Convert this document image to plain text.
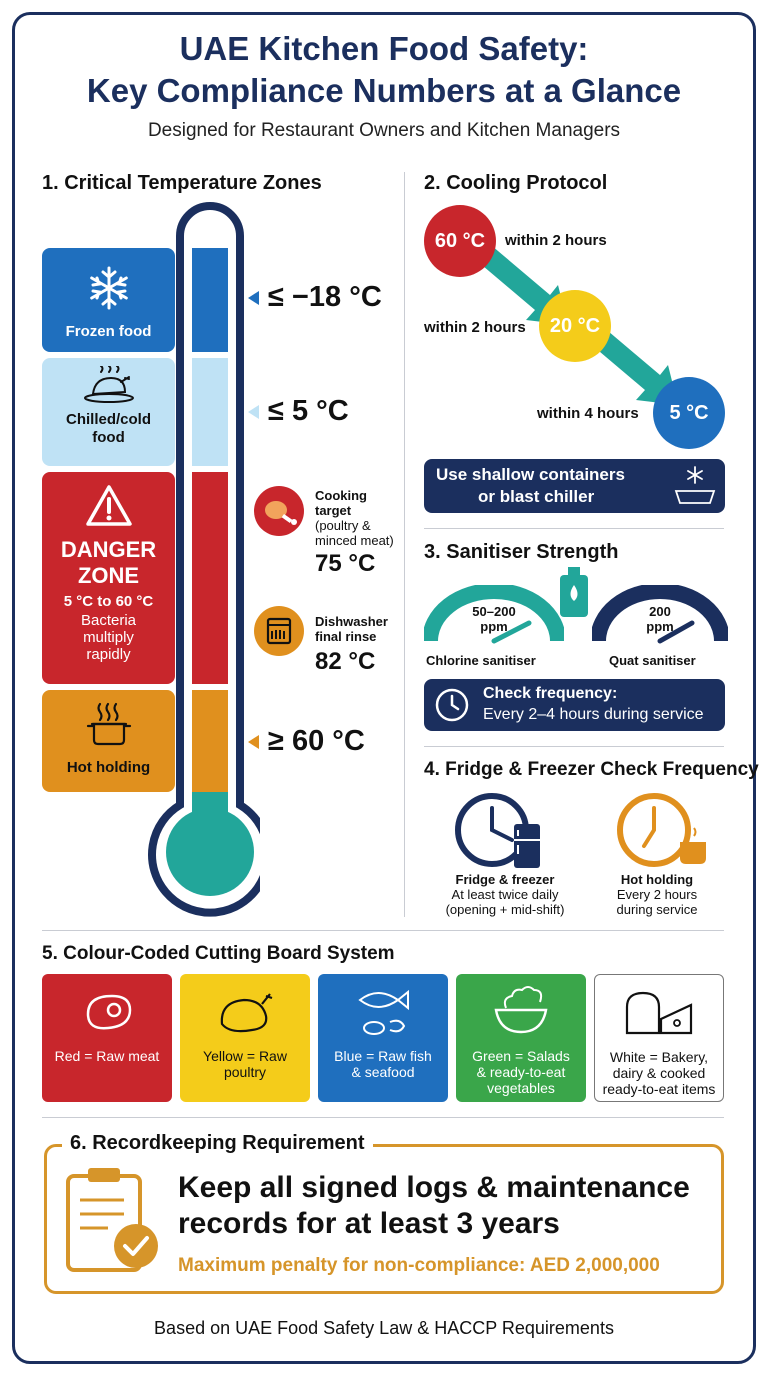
UAE Kitchen Food Safety:
Key Compliance Numbers at a Glance
Designed for Restaurant Owners and Kitchen Managers
1. Critical Temperature Zones
Frozen food
Chilled/cold
food
DANGER
ZONE
5 °C to 60 °C
Bacteria
multiply
rapidly
Hot holding
≤ −18 °C
≤ 5 °C
≥ 60 °C
Cooking
target
(poultry &
minced meat)
75 °C
Dishwasher
final rinse
82 °C
2. Cooling Protocol
60 °C	within 2 hours
within 2 hours	20 °C
within 4 hours	5 °C
Use shallow containers
or blast chiller
3. Sanitiser Strength
50–200
ppm
Chlorine sanitiser
200
ppm
Quat sanitiser
Check frequency:
Every 2–4 hours during service
4. Fridge & Freezer Check Frequency
Fridge & freezer
At least twice daily
(opening + mid-shift)
Hot holding
Every 2 hours
during service
5. Colour-Coded Cutting Board System
Red = Raw meat	Yellow = Raw
poultry
Blue = Raw fish
& seafood
Green = Salads
& ready-to-eat
vegetables
White = Bakery,
dairy & cooked
ready-to-eat items
6. Recordkeeping Requirement
Keep all signed logs & maintenance
records for at least 3 years
Maximum penalty for non-compliance: AED 2,000,000
Based on UAE Food Safety Law & HACCP Requirements
